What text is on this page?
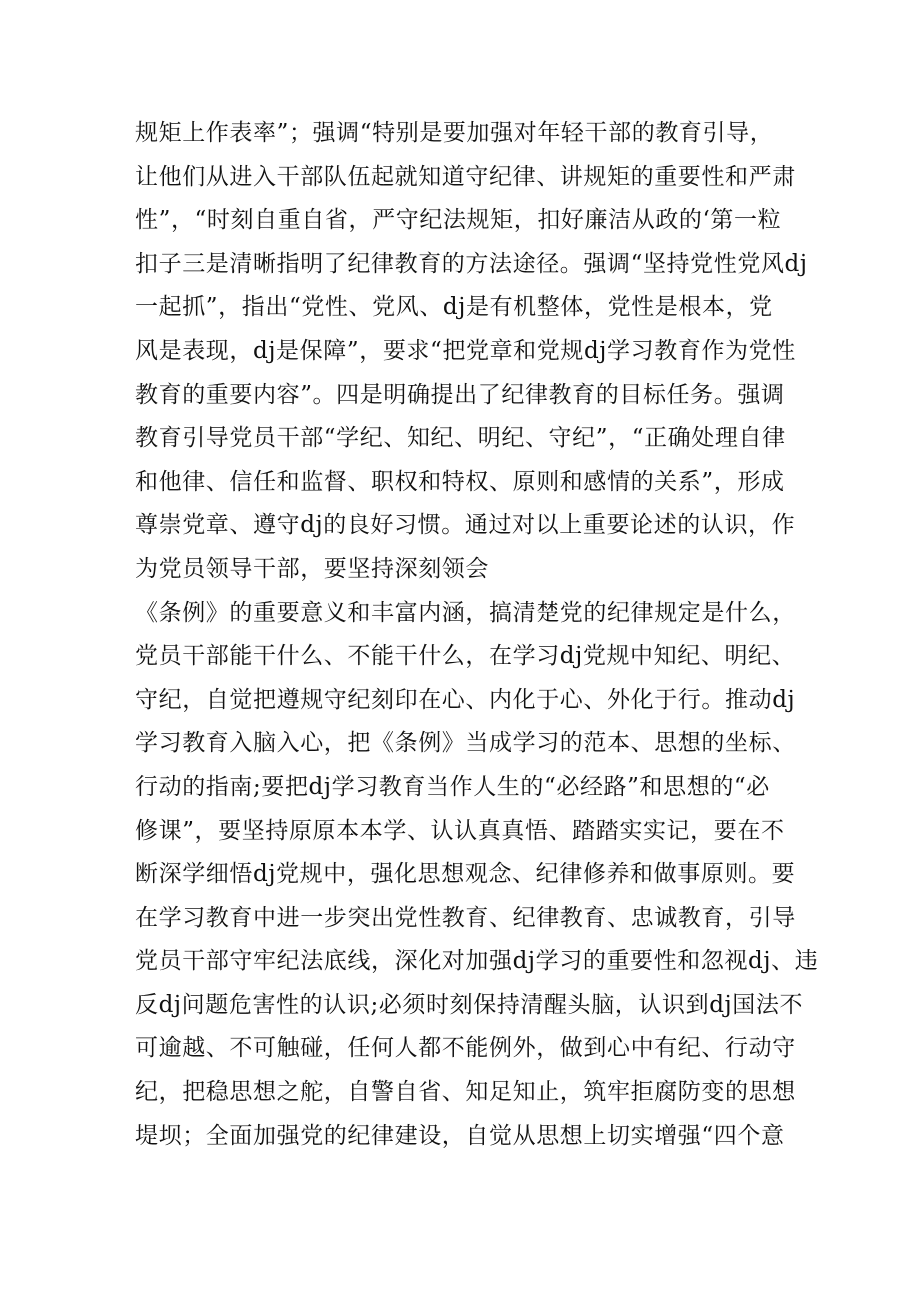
规矩上作表率”；强调“特别是要加强对年轻干部的教育引导，
让他们从进入干部队伍起就知道守纪律、讲规矩的重要性和严肃
性”，“时刻自重自省，严守纪法规矩，扣好廉洁从政的‘第一粒
扣子三是清晰指明了纪律教育的方法途径。强调“坚持党性党风dj
一起抓”，指出“党性、党风、dj是有机整体，党性是根本，党
风是表现，dj是保障”，要求“把党章和党规dj学习教育作为党性
教育的重要内容”。四是明确提出了纪律教育的目标任务。强调
教育引导党员干部“学纪、知纪、明纪、守纪”，“正确处理自律
和他律、信任和监督、职权和特权、原则和感情的关系”，形成
尊崇党章、遵守dj的良好习惯。通过对以上重要论述的认识，作
为党员领导干部，要坚持深刻领会
《条例》的重要意义和丰富内涵，搞清楚党的纪律规定是什么，
党员干部能干什么、不能干什么，在学习dj党规中知纪、明纪、
守纪，自觉把遵规守纪刻印在心、内化于心、外化于行。推动dj
学习教育入脑入心，把《条例》当成学习的范本、思想的坐标、
行动的指南;要把dj学习教育当作人生的“必经路”和思想的“必
修课”，要坚持原原本本学、认认真真悟、踏踏实实记，要在不
断深学细悟dj党规中，强化思想观念、纪律修养和做事原则。要
在学习教育中进一步突出党性教育、纪律教育、忠诚教育，引导
党员干部守牢纪法底线，深化对加强dj学习的重要性和忽视dj、违
反dj问题危害性的认识;必须时刻保持清醒头脑，认识到dj国法不
可逾越、不可触碰，任何人都不能例外，做到心中有纪、行动守
纪，把稳思想之舵，自警自省、知足知止，筑牢拒腐防变的思想
堤坝；全面加强党的纪律建设，自觉从思想上切实增强“四个意
